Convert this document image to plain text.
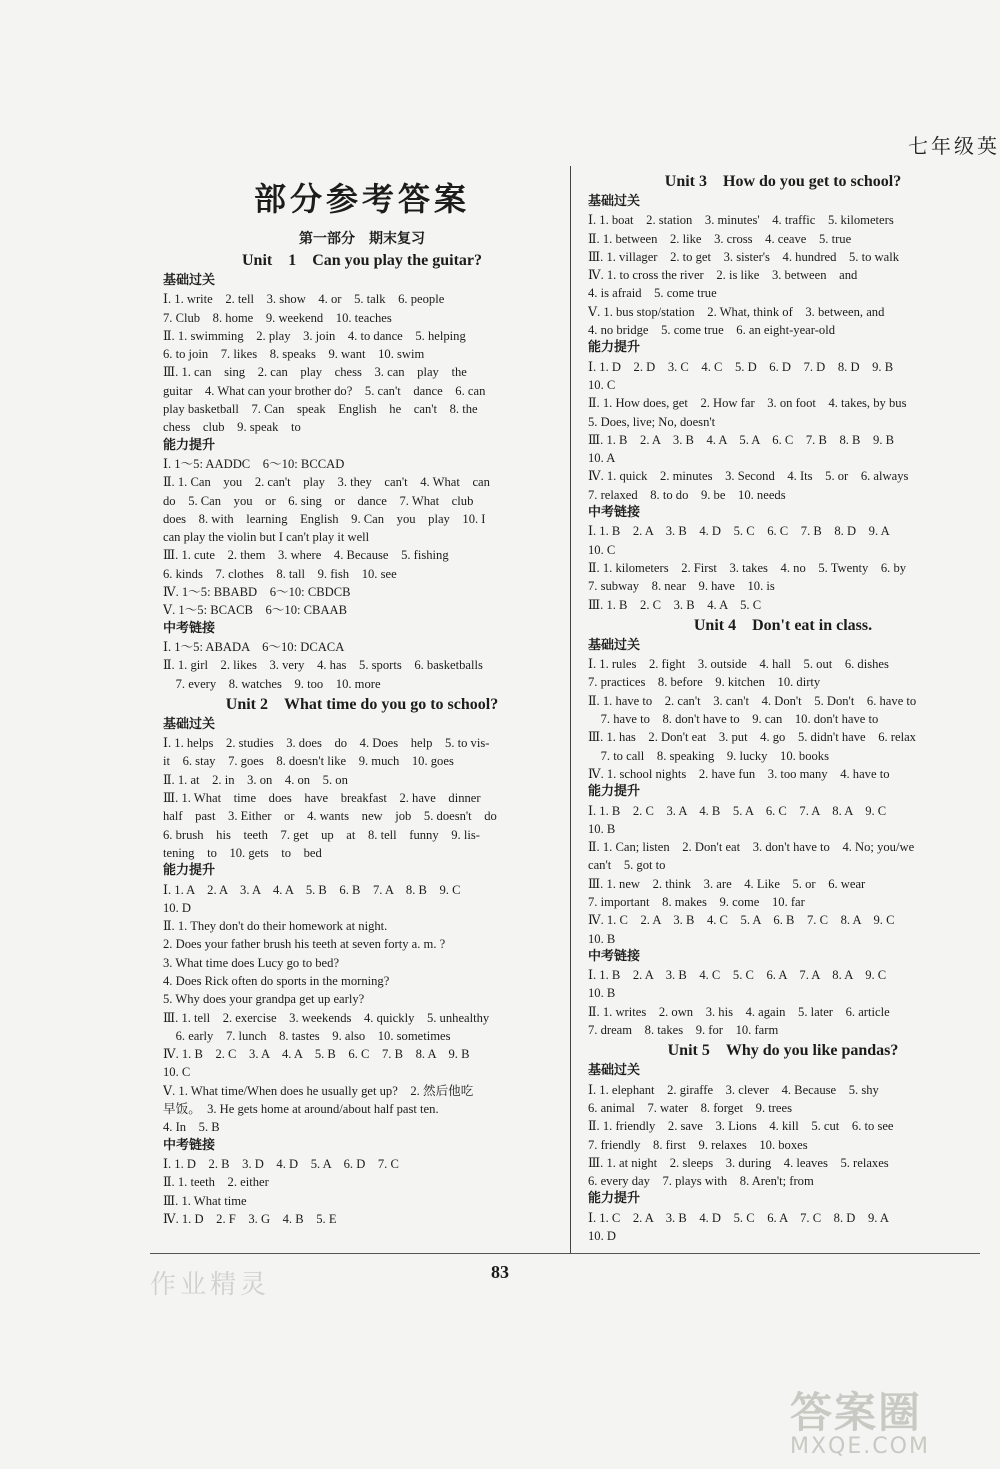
七年级英
部分参考答案
第一部分　期末复习
Unit　1　Can you play the guitar?
基础过关
Ⅰ. 1. write　2. tell　3. show　4. or　5. talk　6. people
7. Club　8. home　9. weekend　10. teaches
Ⅱ. 1. swimming　2. play　3. join　4. to dance　5. helping
6. to join　7. likes　8. speaks　9. want　10. swim
Ⅲ. 1. can　sing　2. can　play　chess　3. can　play　the
guitar　4. What can your brother do?　5. can't　dance　6. can
play basketball　7. Can　speak　English　he　can't　8. the
chess　club　9. speak　to
能力提升
Ⅰ. 1～5: AADDC　6～10: BCCAD
Ⅱ. 1. Can　you　2. can't　play　3. they　can't　4. What　can
do　5. Can　you　or　6. sing　or　dance　7. What　club
does　8. with　learning　English　9. Can　you　play　10. I
can play the violin but I can't play it well
Ⅲ. 1. cute　2. them　3. where　4. Because　5. fishing
6. kinds　7. clothes　8. tall　9. fish　10. see
Ⅳ. 1～5: BBABD　6～10: CBDCB
Ⅴ. 1～5: BCACB　6～10: CBAAB
中考链接
Ⅰ. 1～5: ABADA　6～10: DCACA
Ⅱ. 1. girl　2. likes　3. very　4. has　5. sports　6. basketballs
　7. every　8. watches　9. too　10. more
Unit 2　What time do you go to school?
基础过关
Ⅰ. 1. helps　2. studies　3. does　do　4. Does　help　5. to vis-
it　6. stay　7. goes　8. doesn't like　9. much　10. goes
Ⅱ. 1. at　2. in　3. on　4. on　5. on
Ⅲ. 1. What　time　does　have　breakfast　2. have　dinner
half　past　3. Either　or　4. wants　new　job　5. doesn't　do
6. brush　his　teeth　7. get　up　at　8. tell　funny　9. lis-
tening　to　10. gets　to　bed
能力提升
Ⅰ. 1. A　2. A　3. A　4. A　5. B　6. B　7. A　8. B　9. C
10. D
Ⅱ. 1. They don't do their homework at night.
2. Does your father brush his teeth at seven forty a. m. ?
3. What time does Lucy go to bed?
4. Does Rick often do sports in the morning?
5. Why does your grandpa get up early?
Ⅲ. 1. tell　2. exercise　3. weekends　4. quickly　5. unhealthy
　6. early　7. lunch　8. tastes　9. also　10. sometimes
Ⅳ. 1. B　2. C　3. A　4. A　5. B　6. C　7. B　8. A　9. B
10. C
Ⅴ. 1. What time/When does he usually get up?　2. 然后他吃
早饭。　3. He gets home at around/about half past ten.
4. In　5. B
中考链接
Ⅰ. 1. D　2. B　3. D　4. D　5. A　6. D　7. C
Ⅱ. 1. teeth　2. either
Ⅲ. 1. What time
Ⅳ. 1. D　2. F　3. G　4. B　5. E
Unit 3　How do you get to school?
基础过关
Ⅰ. 1. boat　2. station　3. minutes'　4. traffic　5. kilometers
Ⅱ. 1. between　2. like　3. cross　4. ceave　5. true
Ⅲ. 1. villager　2. to get　3. sister's　4. hundred　5. to walk
Ⅳ. 1. to cross the river　2. is like　3. between　and
4. is afraid　5. come true
Ⅴ. 1. bus stop/station　2. What, think of　3. between, and
4. no bridge　5. come true　6. an eight-year-old
能力提升
Ⅰ. 1. D　2. D　3. C　4. C　5. D　6. D　7. D　8. D　9. B
10. C
Ⅱ. 1. How does, get　2. How far　3. on foot　4. takes, by bus
5. Does, live; No, doesn't
Ⅲ. 1. B　2. A　3. B　4. A　5. A　6. C　7. B　8. B　9. B
10. A
Ⅳ. 1. quick　2. minutes　3. Second　4. Its　5. or　6. always
7. relaxed　8. to do　9. be　10. needs
中考链接
Ⅰ. 1. B　2. A　3. B　4. D　5. C　6. C　7. B　8. D　9. A
10. C
Ⅱ. 1. kilometers　2. First　3. takes　4. no　5. Twenty　6. by
7. subway　8. near　9. have　10. is
Ⅲ. 1. B　2. C　3. B　4. A　5. C
Unit 4　Don't eat in class.
基础过关
Ⅰ. 1. rules　2. fight　3. outside　4. hall　5. out　6. dishes
7. practices　8. before　9. kitchen　10. dirty
Ⅱ. 1. have to　2. can't　3. can't　4. Don't　5. Don't　6. have to
　7. have to　8. don't have to　9. can　10. don't have to
Ⅲ. 1. has　2. Don't eat　3. put　4. go　5. didn't have　6. relax
　7. to call　8. speaking　9. lucky　10. books
Ⅳ. 1. school nights　2. have fun　3. too many　4. have to
能力提升
Ⅰ. 1. B　2. C　3. A　4. B　5. A　6. C　7. A　8. A　9. C
10. B
Ⅱ. 1. Can; listen　2. Don't eat　3. don't have to　4. No; you/we
can't　5. got to
Ⅲ. 1. new　2. think　3. are　4. Like　5. or　6. wear
7. important　8. makes　9. come　10. far
Ⅳ. 1. C　2. A　3. B　4. C　5. A　6. B　7. C　8. A　9. C
10. B
中考链接
Ⅰ. 1. B　2. A　3. B　4. C　5. C　6. A　7. A　8. A　9. C
10. B
Ⅱ. 1. writes　2. own　3. his　4. again　5. later　6. article
7. dream　8. takes　9. for　10. farm
Unit 5　Why do you like pandas?
基础过关
Ⅰ. 1. elephant　2. giraffe　3. clever　4. Because　5. shy
6. animal　7. water　8. forget　9. trees
Ⅱ. 1. friendly　2. save　3. Lions　4. kill　5. cut　6. to see
7. friendly　8. first　9. relaxes　10. boxes
Ⅲ. 1. at night　2. sleeps　3. during　4. leaves　5. relaxes
6. every day　7. plays with　8. Aren't; from
能力提升
Ⅰ. 1. C　2. A　3. B　4. D　5. C　6. A　7. C　8. D　9. A
10. D
83
作业精灵
答案圈
MXQE.COM
